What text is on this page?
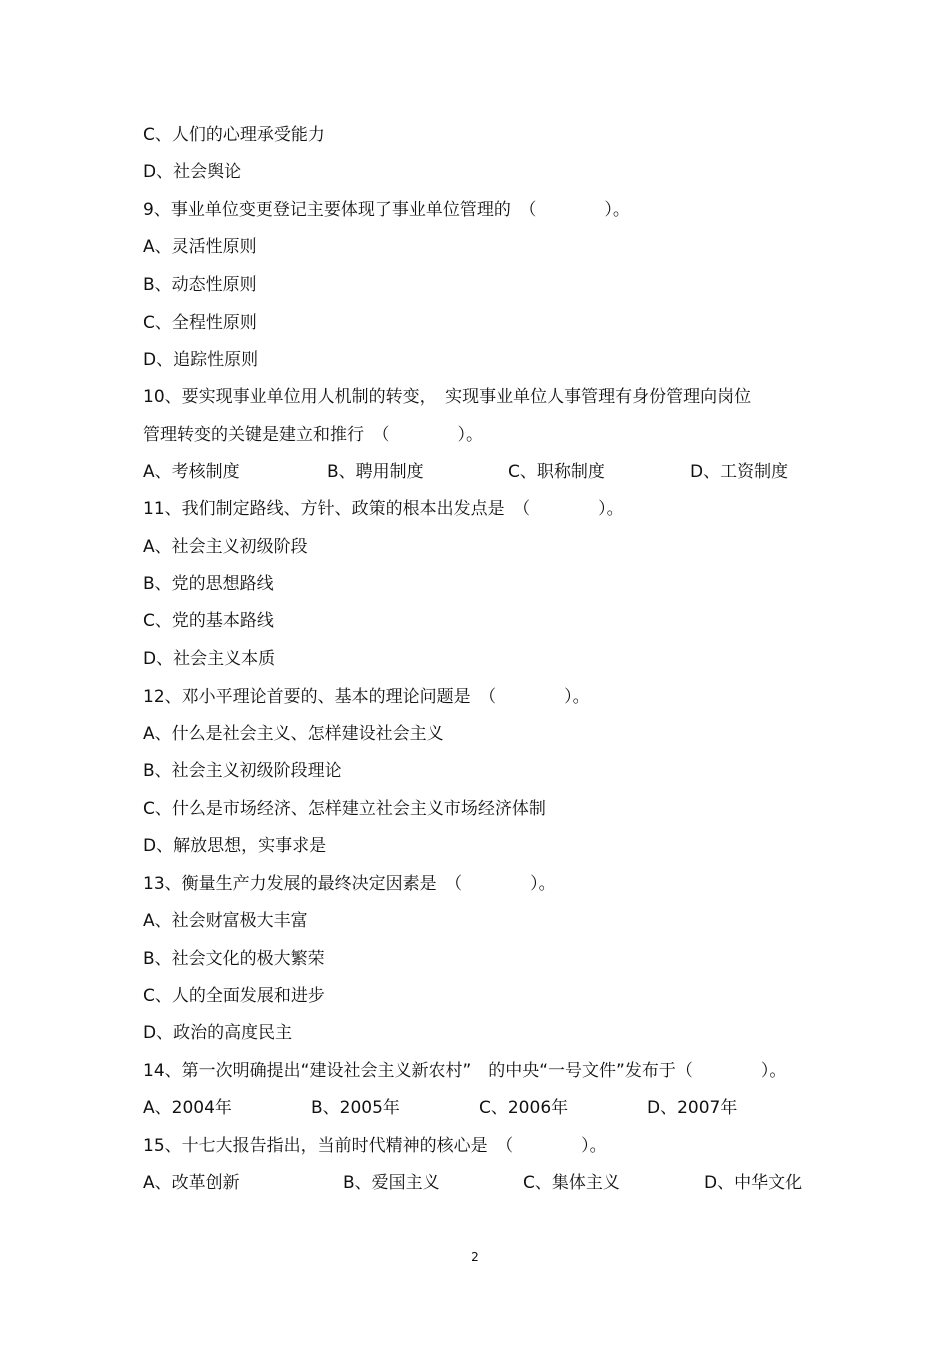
C、人们的心理承受能力
D、社会舆论
9、事业单位变更登记主要体现了事业单位管理的　（　　　　）。
A、灵活性原则
B、动态性原则
C、全程性原则
D、追踪性原则
10、要实现事业单位用人机制的转变，　实现事业单位人事管理有身份管理向岗位
管理转变的关键是建立和推行　（　　　　）。

A、考核制度

	B、聘用制度

	C、职称制度

	D、工资制度

11、我们制定路线、方针、政策的根本出发点是　（　　　　）。
A、社会主义初级阶段
B、党的思想路线
C、党的基本路线
D、社会主义本质
12、邓小平理论首要的、基本的理论问题是　（　　　　）。
A、什么是社会主义、怎样建设社会主义
B、社会主义初级阶段理论
C、什么是市场经济、怎样建立社会主义市场经济体制
D、解放思想，实事求是
13、衡量生产力发展的最终决定因素是　（　　　　）。
A、社会财富极大丰富
B、社会文化的极大繁荣
C、人的全面发展和进步
D、政治的高度民主
14、第一次明确提出“建设社会主义新农村”　的中央“一号文件”发布于（　　　　）。

A、2004年

	B、2005年

	C、2006年

	D、2007年

15、十七大报告指出，当前时代精神的核心是　（　　　　）。

A、改革创新

	B、爱国主义

	C、集体主义

	D、中华文化

2
